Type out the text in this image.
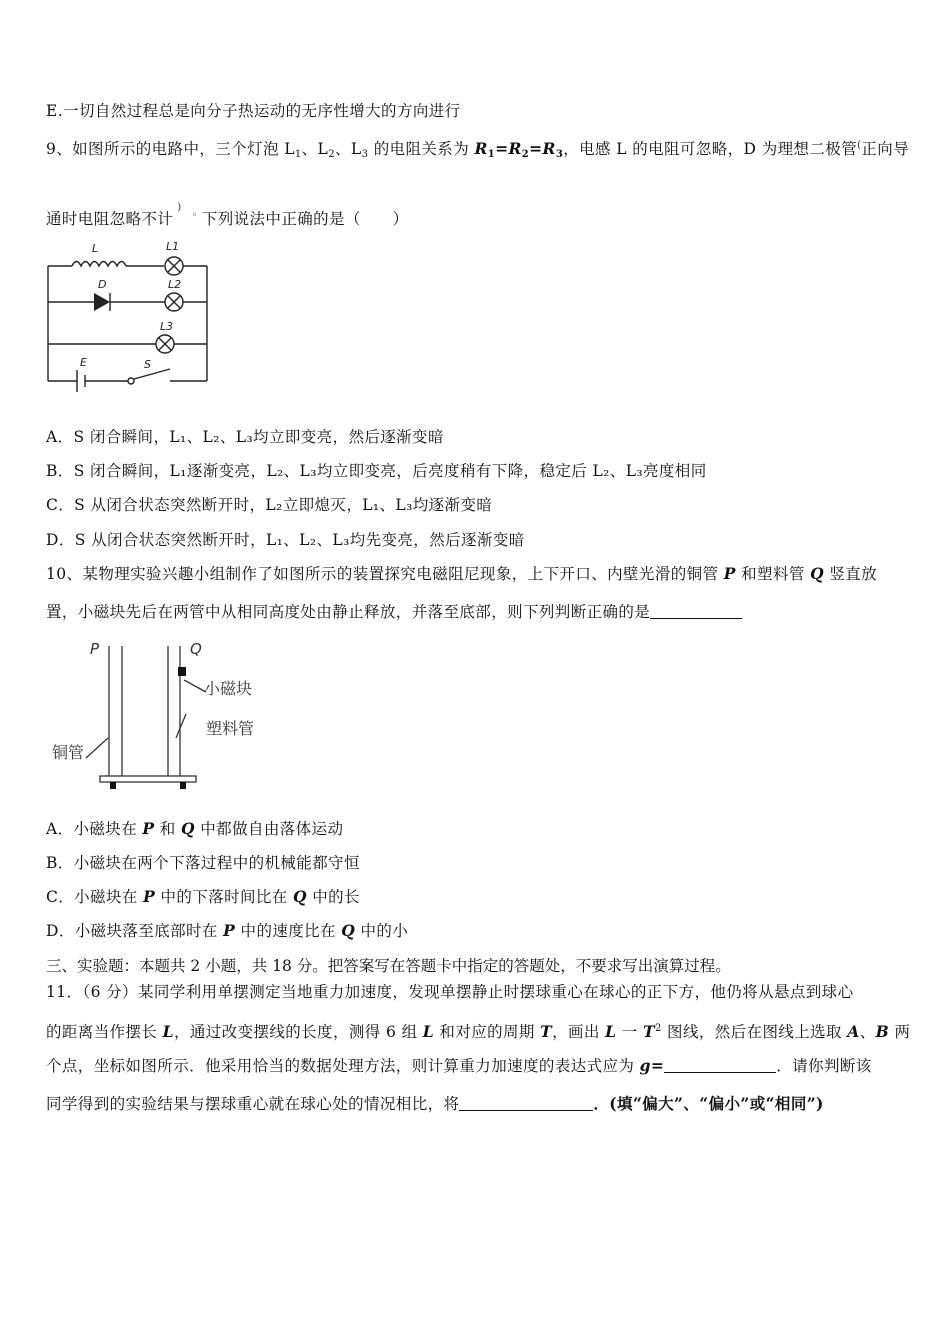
E.一切自然过程总是向分子热运动的无序性增大的方向进行
9、如图所示的电路中，三个灯泡 $L_1$、$L_2$、$L_3$ 的电阻关系为 $R_1=R_2=R_3$，电感 L 的电阻可忽略，D 为理想二极管(正向导
通时电阻忽略不计)◦ 下列说法中正确的是（　　）
L	L1
L2
D
L3
E	S
A．S 闭合瞬间，L₁、L₂、L₃均立即变亮，然后逐渐变暗
B．S 闭合瞬间，L₁逐渐变亮，L₂、L₃均立即变亮，后亮度稍有下降，稳定后 L₂、L₃亮度相同
C．S 从闭合状态突然断开时，L₂立即熄灭，L₁、L₃均逐渐变暗
D．S 从闭合状态突然断开时，L₁、L₂、L₃均先变亮，然后逐渐变暗
10、某物理实验兴趣小组制作了如图所示的装置探究电磁阻尼现象，上下开口、内壁光滑的铜管 P 和塑料管 Q 竖直放
置，小磁块先后在两管中从相同高度处由静止释放，并落至底部，则下列判断正确的是
P	Q
小磁块
塑料管
铜管
A．小磁块在 P 和 Q 中都做自由落体运动
B．小磁块在两个下落过程中的机械能都守恒
C．小磁块在 P 中的下落时间比在 Q 中的长
D．小磁块落至底部时在 P 中的速度比在 Q 中的小
三、实验题：本题共 2 小题，共 18 分。把答案写在答题卡中指定的答题处，不要求写出演算过程。
11．（6 分）某同学利用单摆测定当地重力加速度，发现单摆静止时摆球重心在球心的正下方，他仍将从悬点到球心
的距离当作摆长 L，通过改变摆线的长度，测得 6 组 L 和对应的周期 T，画出 L 一 $T^2$ 图线，然后在图线上选取 A、B 两
个点，坐标如图所示．他采用恰当的数据处理方法，则计算重力加速度的表达式应为 g=	．请你判断该
同学得到的实验结果与摆球重心就在球心处的情况相比，将	．(填“偏大”、“偏小”或“相同”)
